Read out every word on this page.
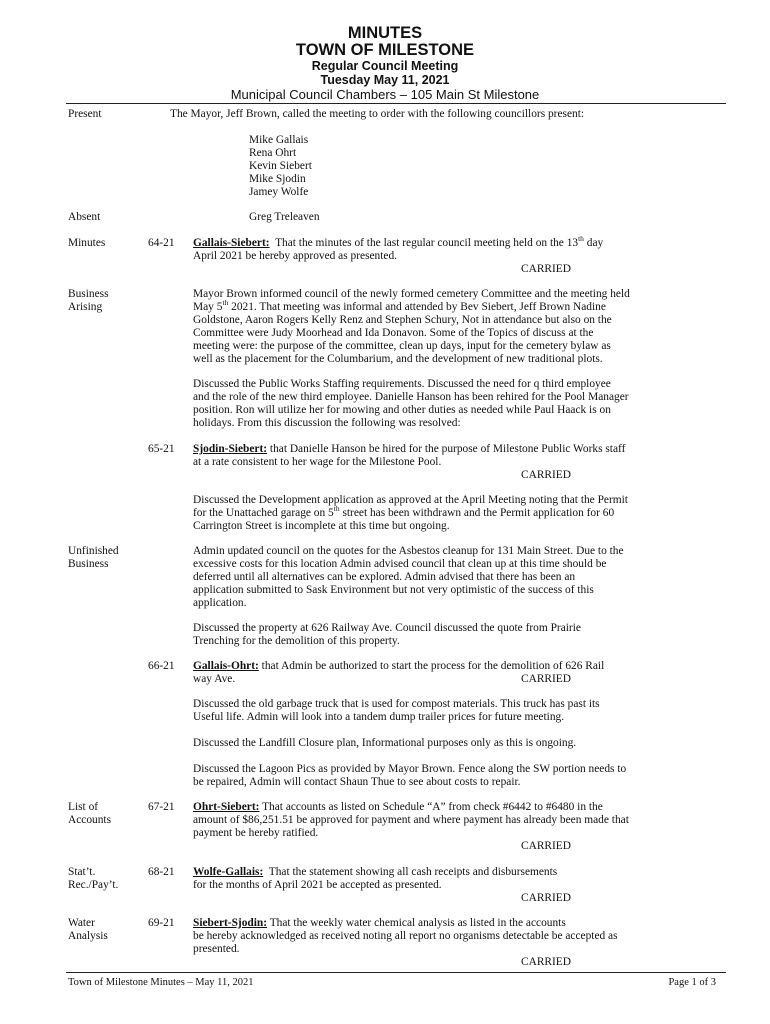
MINUTES
TOWN OF MILESTONE
Regular Council Meeting
Tuesday May 11, 2021
Municipal Council Chambers – 105 Main St Milestone
Present	The Mayor, Jeff Brown, called the meeting to order with the following councillors present:
Mike Gallais
Rena Ohrt
Kevin Siebert
Mike Sjodin
Jamey Wolfe
Absent	Greg Treleaven
Minutes	64-21 Gallais-Siebert: That the minutes of the last regular council meeting held on the 13th day
April 2021 be hereby approved as presented.
CARRIED
Business
Arising
Mayor Brown informed council of the newly formed cemetery Committee and the meeting held
May 5th 2021. That meeting was informal and attended by Bev Siebert, Jeff Brown Nadine
Goldstone, Aaron Rogers Kelly Renz and Stephen Schury, Not in attendance but also on the
Committee were Judy Moorhead and Ida Donavon. Some of the Topics of discuss at the
meeting were: the purpose of the committee, clean up days, input for the cemetery bylaw as
well as the placement for the Columbarium, and the development of new traditional plots.
Discussed the Public Works Staffing requirements. Discussed the need for q third employee
and the role of the new third employee. Danielle Hanson has been rehired for the Pool Manager
position. Ron will utilize her for mowing and other duties as needed while Paul Haack is on
holidays. From this discussion the following was resolved:
65-21 Sjodin-Siebert: that Danielle Hanson be hired for the purpose of Milestone Public Works staff
at a rate consistent to her wage for the Milestone Pool.
CARRIED
Discussed the Development application as approved at the April Meeting noting that the Permit
for the Unattached garage on 5th street has been withdrawn and the Permit application for 60
Carrington Street is incomplete at this time but ongoing.
Unfinished
Business
Admin updated council on the quotes for the Asbestos cleanup for 131 Main Street. Due to the
excessive costs for this location Admin advised council that clean up at this time should be
deferred until all alternatives can be explored. Admin advised that there has been an
application submitted to Sask Environment but not very optimistic of the success of this
application.
Discussed the property at 626 Railway Ave. Council discussed the quote from Prairie
Trenching for the demolition of this property.
66-21 Gallais-Ohrt: that Admin be authorized to start the process for the demolition of 626 Rail
way Ave.	CARRIED
Discussed the old garbage truck that is used for compost materials. This truck has past its
Useful life. Admin will look into a tandem dump trailer prices for future meeting.
Discussed the Landfill Closure plan, Informational purposes only as this is ongoing.
Discussed the Lagoon Pics as provided by Mayor Brown. Fence along the SW portion needs to
be repaired, Admin will contact Shaun Thue to see about costs to repair.
List of
Accounts
67-21 Ohrt-Siebert: That accounts as listed on Schedule “A” from check #6442 to #6480 in the
amount of $86,251.51 be approved for payment and where payment has already been made that
payment be hereby ratified.
CARRIED
Stat’t.
Rec./Pay’t.
68-21 Wolfe-Gallais: That the statement showing all cash receipts and disbursements
for the months of April 2021 be accepted as presented.
CARRIED
Water
Analysis
69-21 Siebert-Sjodin: That the weekly water chemical analysis as listed in the accounts
be hereby acknowledged as received noting all report no organisms detectable be accepted as
presented.
CARRIED
Town of Milestone Minutes – May 11, 2021	Page 1 of 3
